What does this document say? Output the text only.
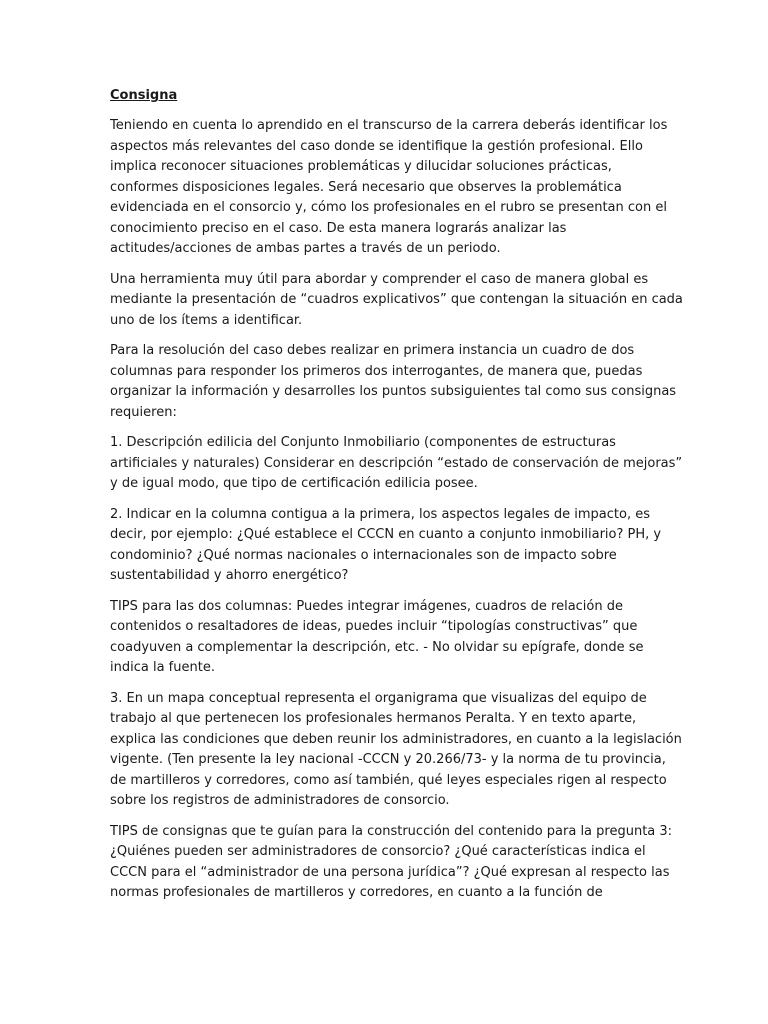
Consigna

Teniendo en cuenta lo aprendido en el transcurso de la carrera deberás identificar los
aspectos más relevantes del caso donde se identifique la gestión profesional. Ello
implica reconocer situaciones problemáticas y dilucidar soluciones prácticas,
conformes disposiciones legales. Será necesario que observes la problemática
evidenciada en el consorcio y, cómo los profesionales en el rubro se presentan con el
conocimiento preciso en el caso. De esta manera lograrás analizar las
actitudes/acciones de ambas partes a través de un periodo.

Una herramienta muy útil para abordar y comprender el caso de manera global es
mediante la presentación de “cuadros explicativos” que contengan la situación en cada
uno de los ítems a identificar.

Para la resolución del caso debes realizar en primera instancia un cuadro de dos
columnas para responder los primeros dos interrogantes, de manera que, puedas
organizar la información y desarrolles los puntos subsiguientes tal como sus consignas
requieren:

1. Descripción edilicia del Conjunto Inmobiliario (componentes de estructuras
artificiales y naturales) Considerar en descripción “estado de conservación de mejoras”
y de igual modo, que tipo de certificación edilicia posee.

2. Indicar en la columna contigua a la primera, los aspectos legales de impacto, es
decir, por ejemplo: ¿Qué establece el CCCN en cuanto a conjunto inmobiliario? PH, y
condominio? ¿Qué normas nacionales o internacionales son de impacto sobre
sustentabilidad y ahorro energético?

TIPS para las dos columnas: Puedes integrar imágenes, cuadros de relación de
contenidos o resaltadores de ideas, puedes incluir “tipologías constructivas” que
coadyuven a complementar la descripción, etc. - No olvidar su epígrafe, donde se
indica la fuente.

3. En un mapa conceptual representa el organigrama que visualizas del equipo de
trabajo al que pertenecen los profesionales hermanos Peralta. Y en texto aparte,
explica las condiciones que deben reunir los administradores, en cuanto a la legislación
vigente. (Ten presente la ley nacional -CCCN y 20.266/73- y la norma de tu provincia,
de martilleros y corredores, como así también, qué leyes especiales rigen al respecto
sobre los registros de administradores de consorcio.

TIPS de consignas que te guían para la construcción del contenido para la pregunta 3:
¿Quiénes pueden ser administradores de consorcio? ¿Qué características indica el
CCCN para el “administrador de una persona jurídica”? ¿Qué expresan al respecto las
normas profesionales de martilleros y corredores, en cuanto a la función de
